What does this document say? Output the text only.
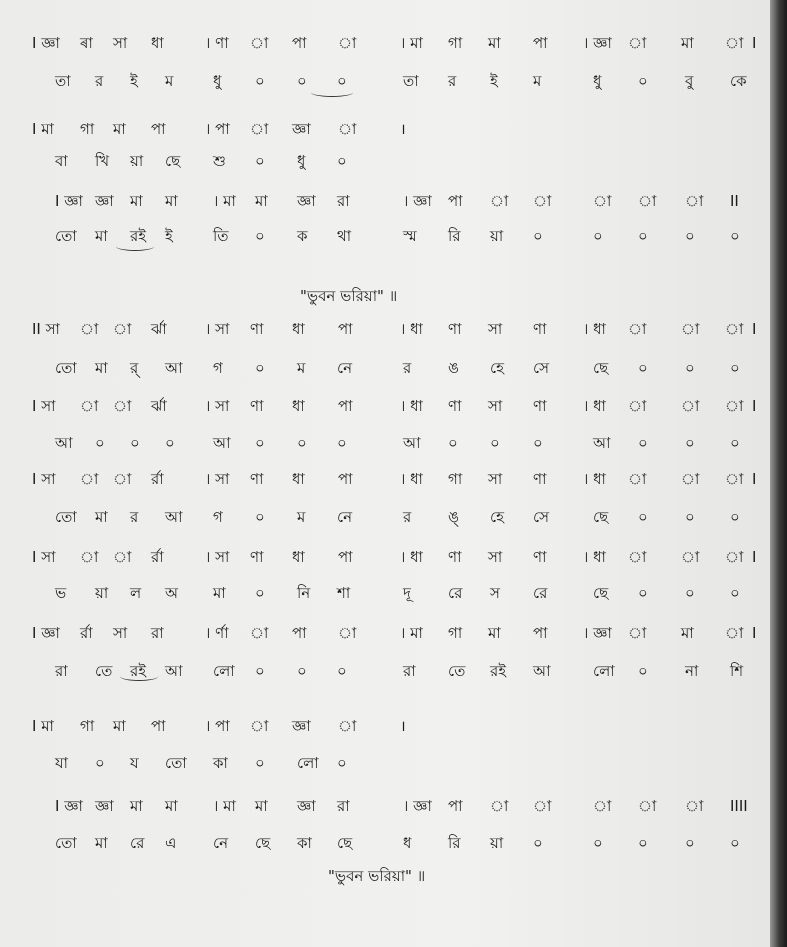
I জ্ঞা ৰা সা ধা	। ণা া পা া	। মা গা মা পা । জ্ঞা া মা া I
তা র ই ম	ধু ০ ০ ০	তা র ই ম	ধু ০ বু কে
I মা গা মা পা	। পা া জ্ঞা া	।
বা খি য়া ছে শু ০ ধু ০
I জ্ঞা জ্ঞা মা মা । মা মা জ্ঞা রা	। জ্ঞা পা া া	া া া II
তো মা রই ই	তি ০ ক থা	স্ম রি য়া ০	০ ০ ০ ০
II সা া া র্ঝা	। সা ণা ধা পা	। ধা ণা সা ণা । ধা া া া I
তো মা র্ আ গ ০ ম নে	র ঙ হে সে	ছে ০ ০ ০
I সা া া র্ঝা	। সা ণা ধা পা	। ধা ণা সা ণা । ধা া া া I
আ ০ ০ ০	আ ০ ০ ০	আ ০ ০ ০	আ ০ ০ ০
I সা া া র্রা	। সা ণা ধা পা	। ধা গা সা ণা । ধা া া া I
তো মা র আ গ ০ ম নে	র ঙ্ হে সে	ছে ০ ০ ০
I সা া া র্রা	। সা ণা ধা পা	। ধা ণা সা ণা । ধা া া া I
ভ য়া ল অ মা ০ নি শা	দূ রে স রে	ছে ০ ০ ০
I জ্ঞা র্রা সা রা	। র্ণা া পা া	। মা গা মা পা । জ্ঞা া মা া I
রা তে রই আ লো ০ ০ ০	রা তে রই আ	লো ০ না শি
I মা গা মা পা	। পা া জ্ঞা া	।
যা ০ য তো কা ০ লো ০
I জ্ঞা জ্ঞা মা মা । মা মা জ্ঞা রা	। জ্ঞা পা া া	া া া IIII
তো মা রে এ নে ছে কা ছে	ধ রি য়া ০	০ ০ ০ ০
"ভুবন ভরিয়া" ॥
"ভুবন ভরিয়া" ॥
